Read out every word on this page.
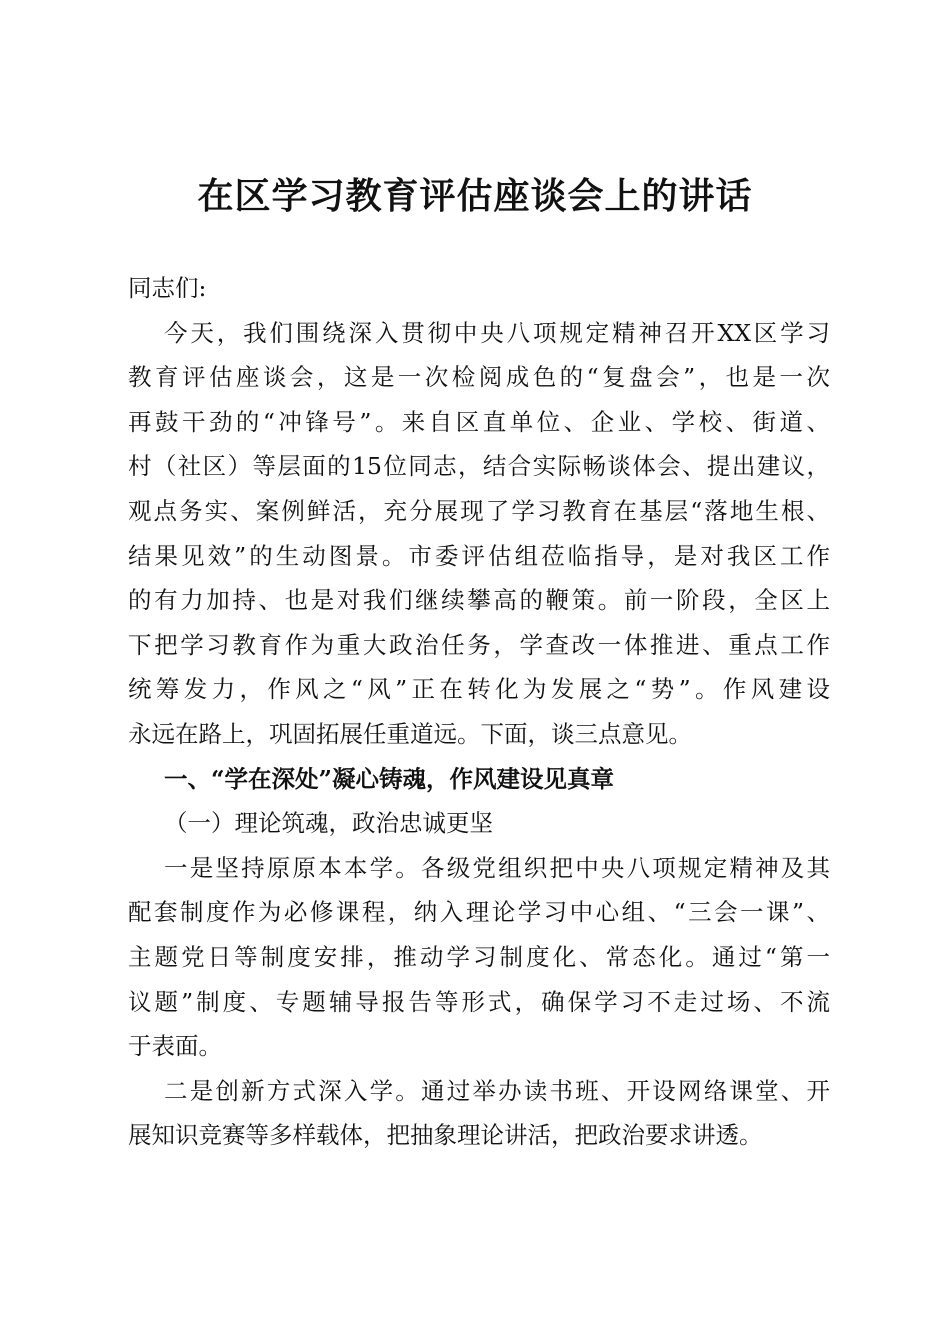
在区学习教育评估座谈会上的讲话
同志们:
今天，我们围绕深入贯彻中央八项规定精神召开XX区学习
教育评估座谈会，这是一次检阅成色的“复盘会”，也是一次
再鼓干劲的“冲锋号”。来自区直单位、企业、学校、街道、
村（社区）等层面的15位同志，结合实际畅谈体会、提出建议，
观点务实、案例鲜活，充分展现了学习教育在基层“落地生根、
结果见效”的生动图景。市委评估组莅临指导，是对我区工作
的有力加持、也是对我们继续攀高的鞭策。前一阶段，全区上
下把学习教育作为重大政治任务，学查改一体推进、重点工作
统筹发力，作风之“风”正在转化为发展之“势”。作风建设
永远在路上，巩固拓展任重道远。下面，谈三点意见。
一、“学在深处”凝心铸魂，作风建设见真章
（一）理论筑魂，政治忠诚更坚
一是坚持原原本本学。各级党组织把中央八项规定精神及其
配套制度作为必修课程，纳入理论学习中心组、“三会一课”、
主题党日等制度安排，推动学习制度化、常态化。通过“第一
议题”制度、专题辅导报告等形式，确保学习不走过场、不流
于表面。
二是创新方式深入学。通过举办读书班、开设网络课堂、开
展知识竞赛等多样载体，把抽象理论讲活，把政治要求讲透。
